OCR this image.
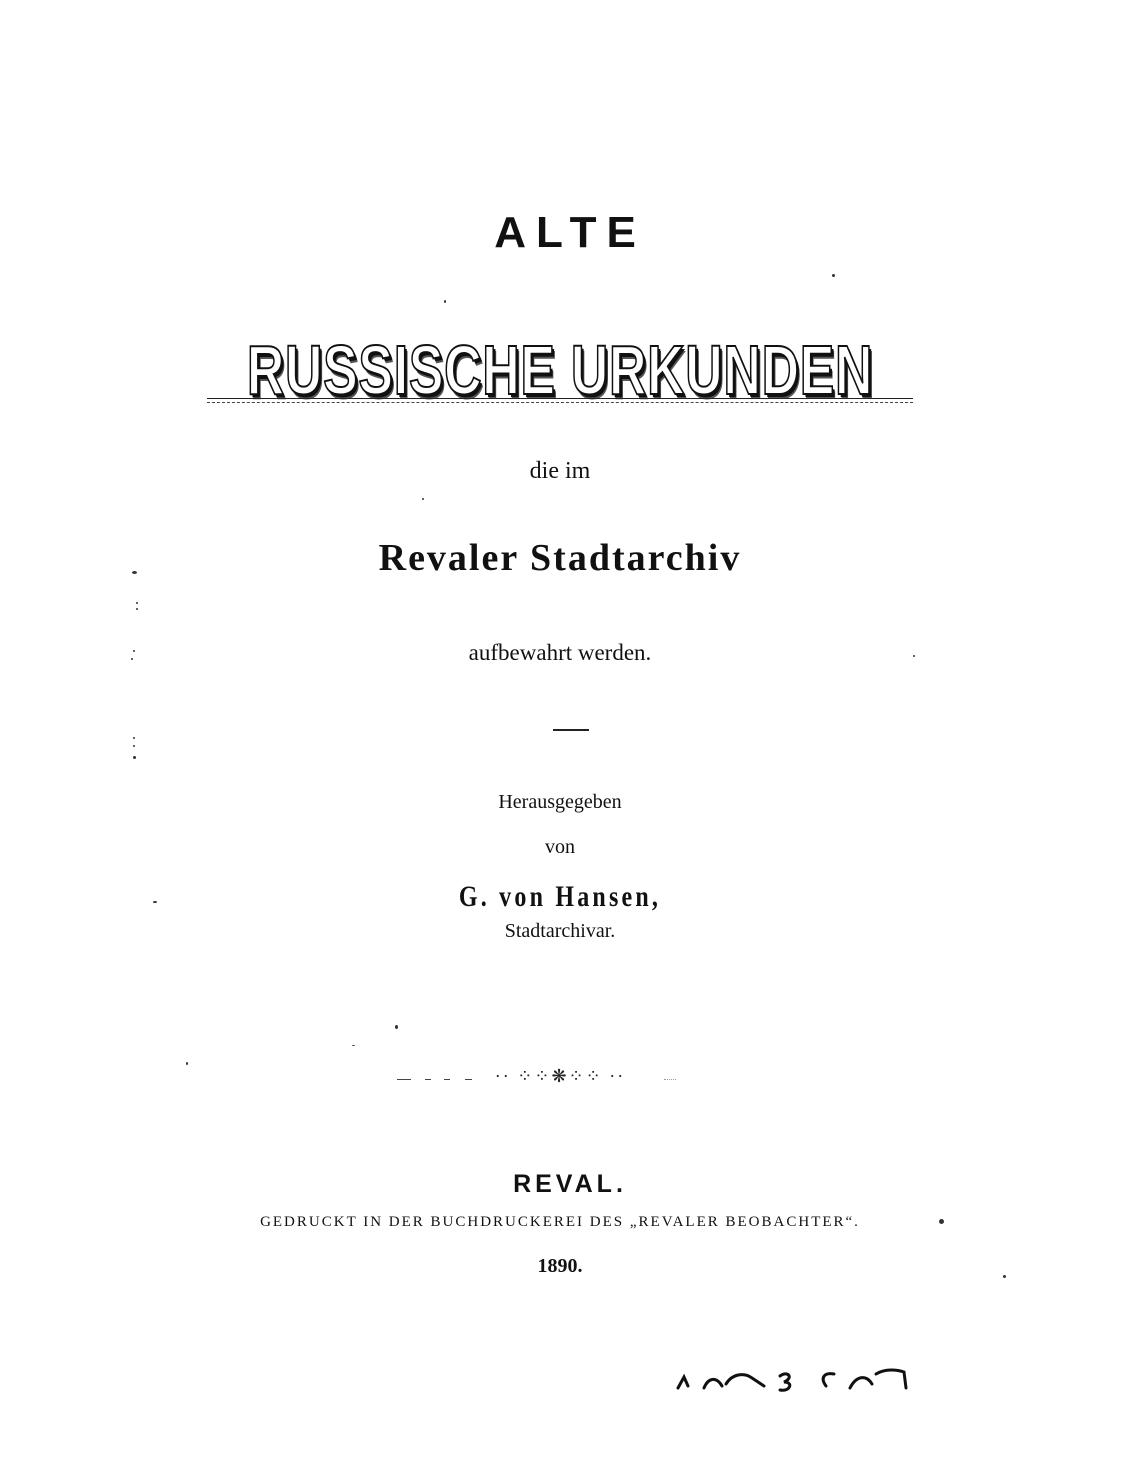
ALTE
RUSSISCHE URKUNDEN
die im
Revaler Stadtarchiv
aufbewahrt werden.
Herausgegeben
von
G. von Hansen,
Stadtarchivar.
·· ⁘⁘❋⁘⁘ ··
REVAL.
GEDRUCKT IN DER BUCHDRUCKEREI DES „REVALER BEOBACHTER“.
1890.
